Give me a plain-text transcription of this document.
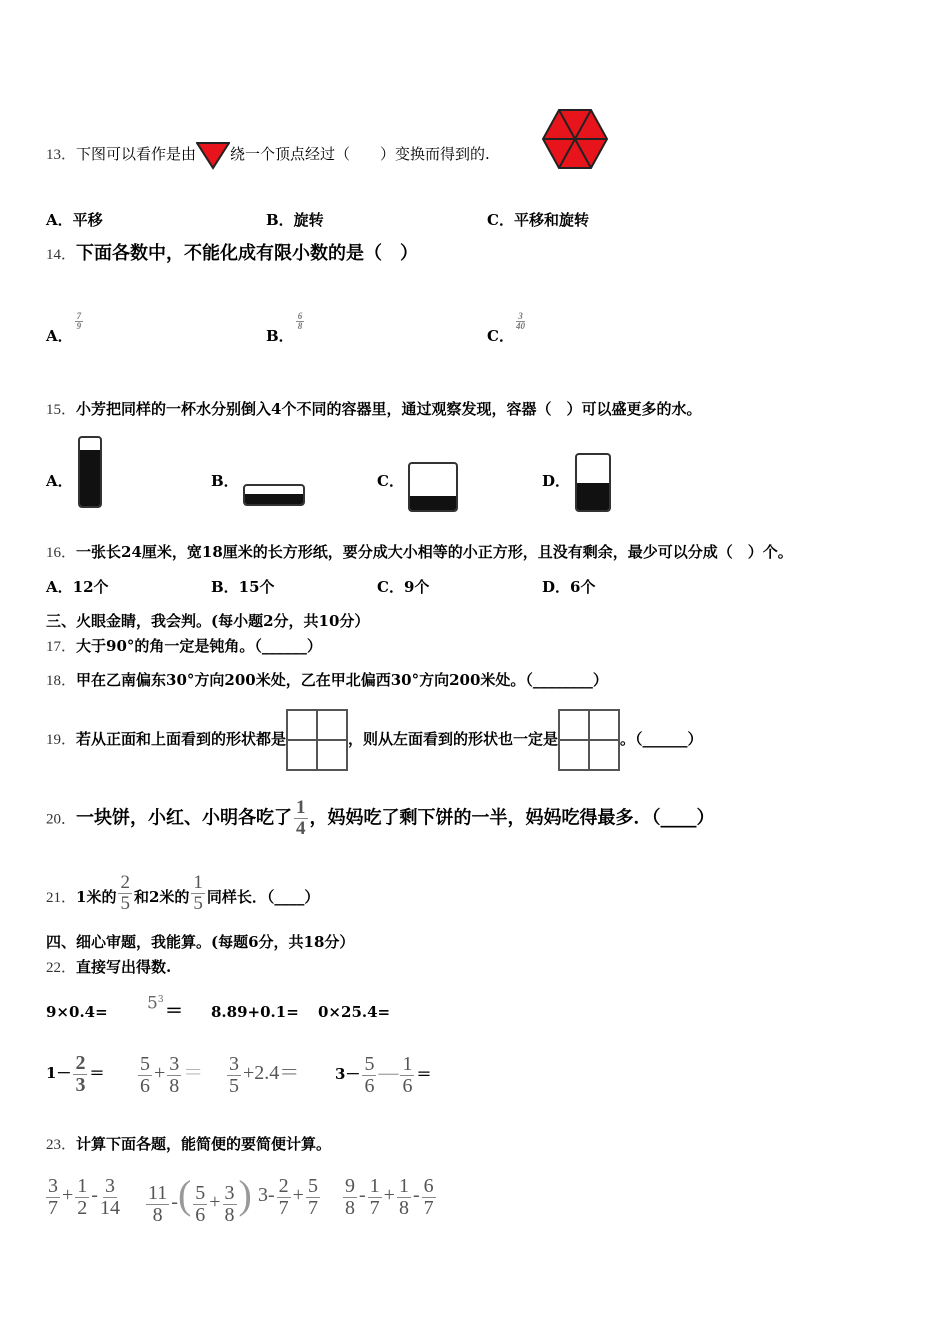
13．下图可以看作是由 绕一个顶点经过（　　）变换而得到的.
A．平移	B．旋转	C．平移和旋转
14．下面各数中，不能化成有限小数的是（　）
A．
$\frac{7}{9}$
B．
$\frac{6}{8}$
C．
$\frac{3}{40}$
15．小芳把同样的一杯水分别倒入4个不同的容器里，通过观察发现，容器（　）可以盛更多的水。
A．	B．	C．	D．
16．一张长24厘米，宽18厘米的长方形纸，要分成大小相等的小正方形，且没有剩余，最少可以分成（　）个。
A．12个	B．15个	C．9个	D．6个
三、火眼金睛，我会判。(每小题2分，共10分）
17．大于90°的角一定是钝角。（______）
18．甲在乙南偏东30°方向200米处，乙在甲北偏西30°方向200米处。（________）
19．若从正面和上面看到的形状都是	，则从左面看到的形状也一定是	。（______）
20．一块饼，小红、小明各吃了 $\frac{1}{4}$ ，妈妈吃了剩下饼的一半，妈妈吃得最多．（____）
21．1米的 $\frac{2}{5}$ 和2米的 $\frac{1}{5}$ 同样长．（____）
四、细心审题，我能算。(每题6分，共18分）
22．直接写出得数.
$9\times 0.4= 5^3$
＝ 8.89+0.1= 0×25.4=
$1- \frac{2}{3} = \frac{5}{6} + \frac{3}{8} = \frac{3}{5} +2.4= 3- \frac{5}{6}$ — $\frac{1}{6}$ ＝
23．计算下面各题，能简便的要简便计算。
$\frac{3}{7} + \frac{1}{2} - \frac{3}{14} \frac{11}{8}$ -( $\frac{5}{6} + \frac{3}{8}$ ) $3- \frac{2}{7} + \frac{5}{7} \frac{9}{8} - \frac{1}{7} + \frac{1}{8} - \frac{6}{7}$
